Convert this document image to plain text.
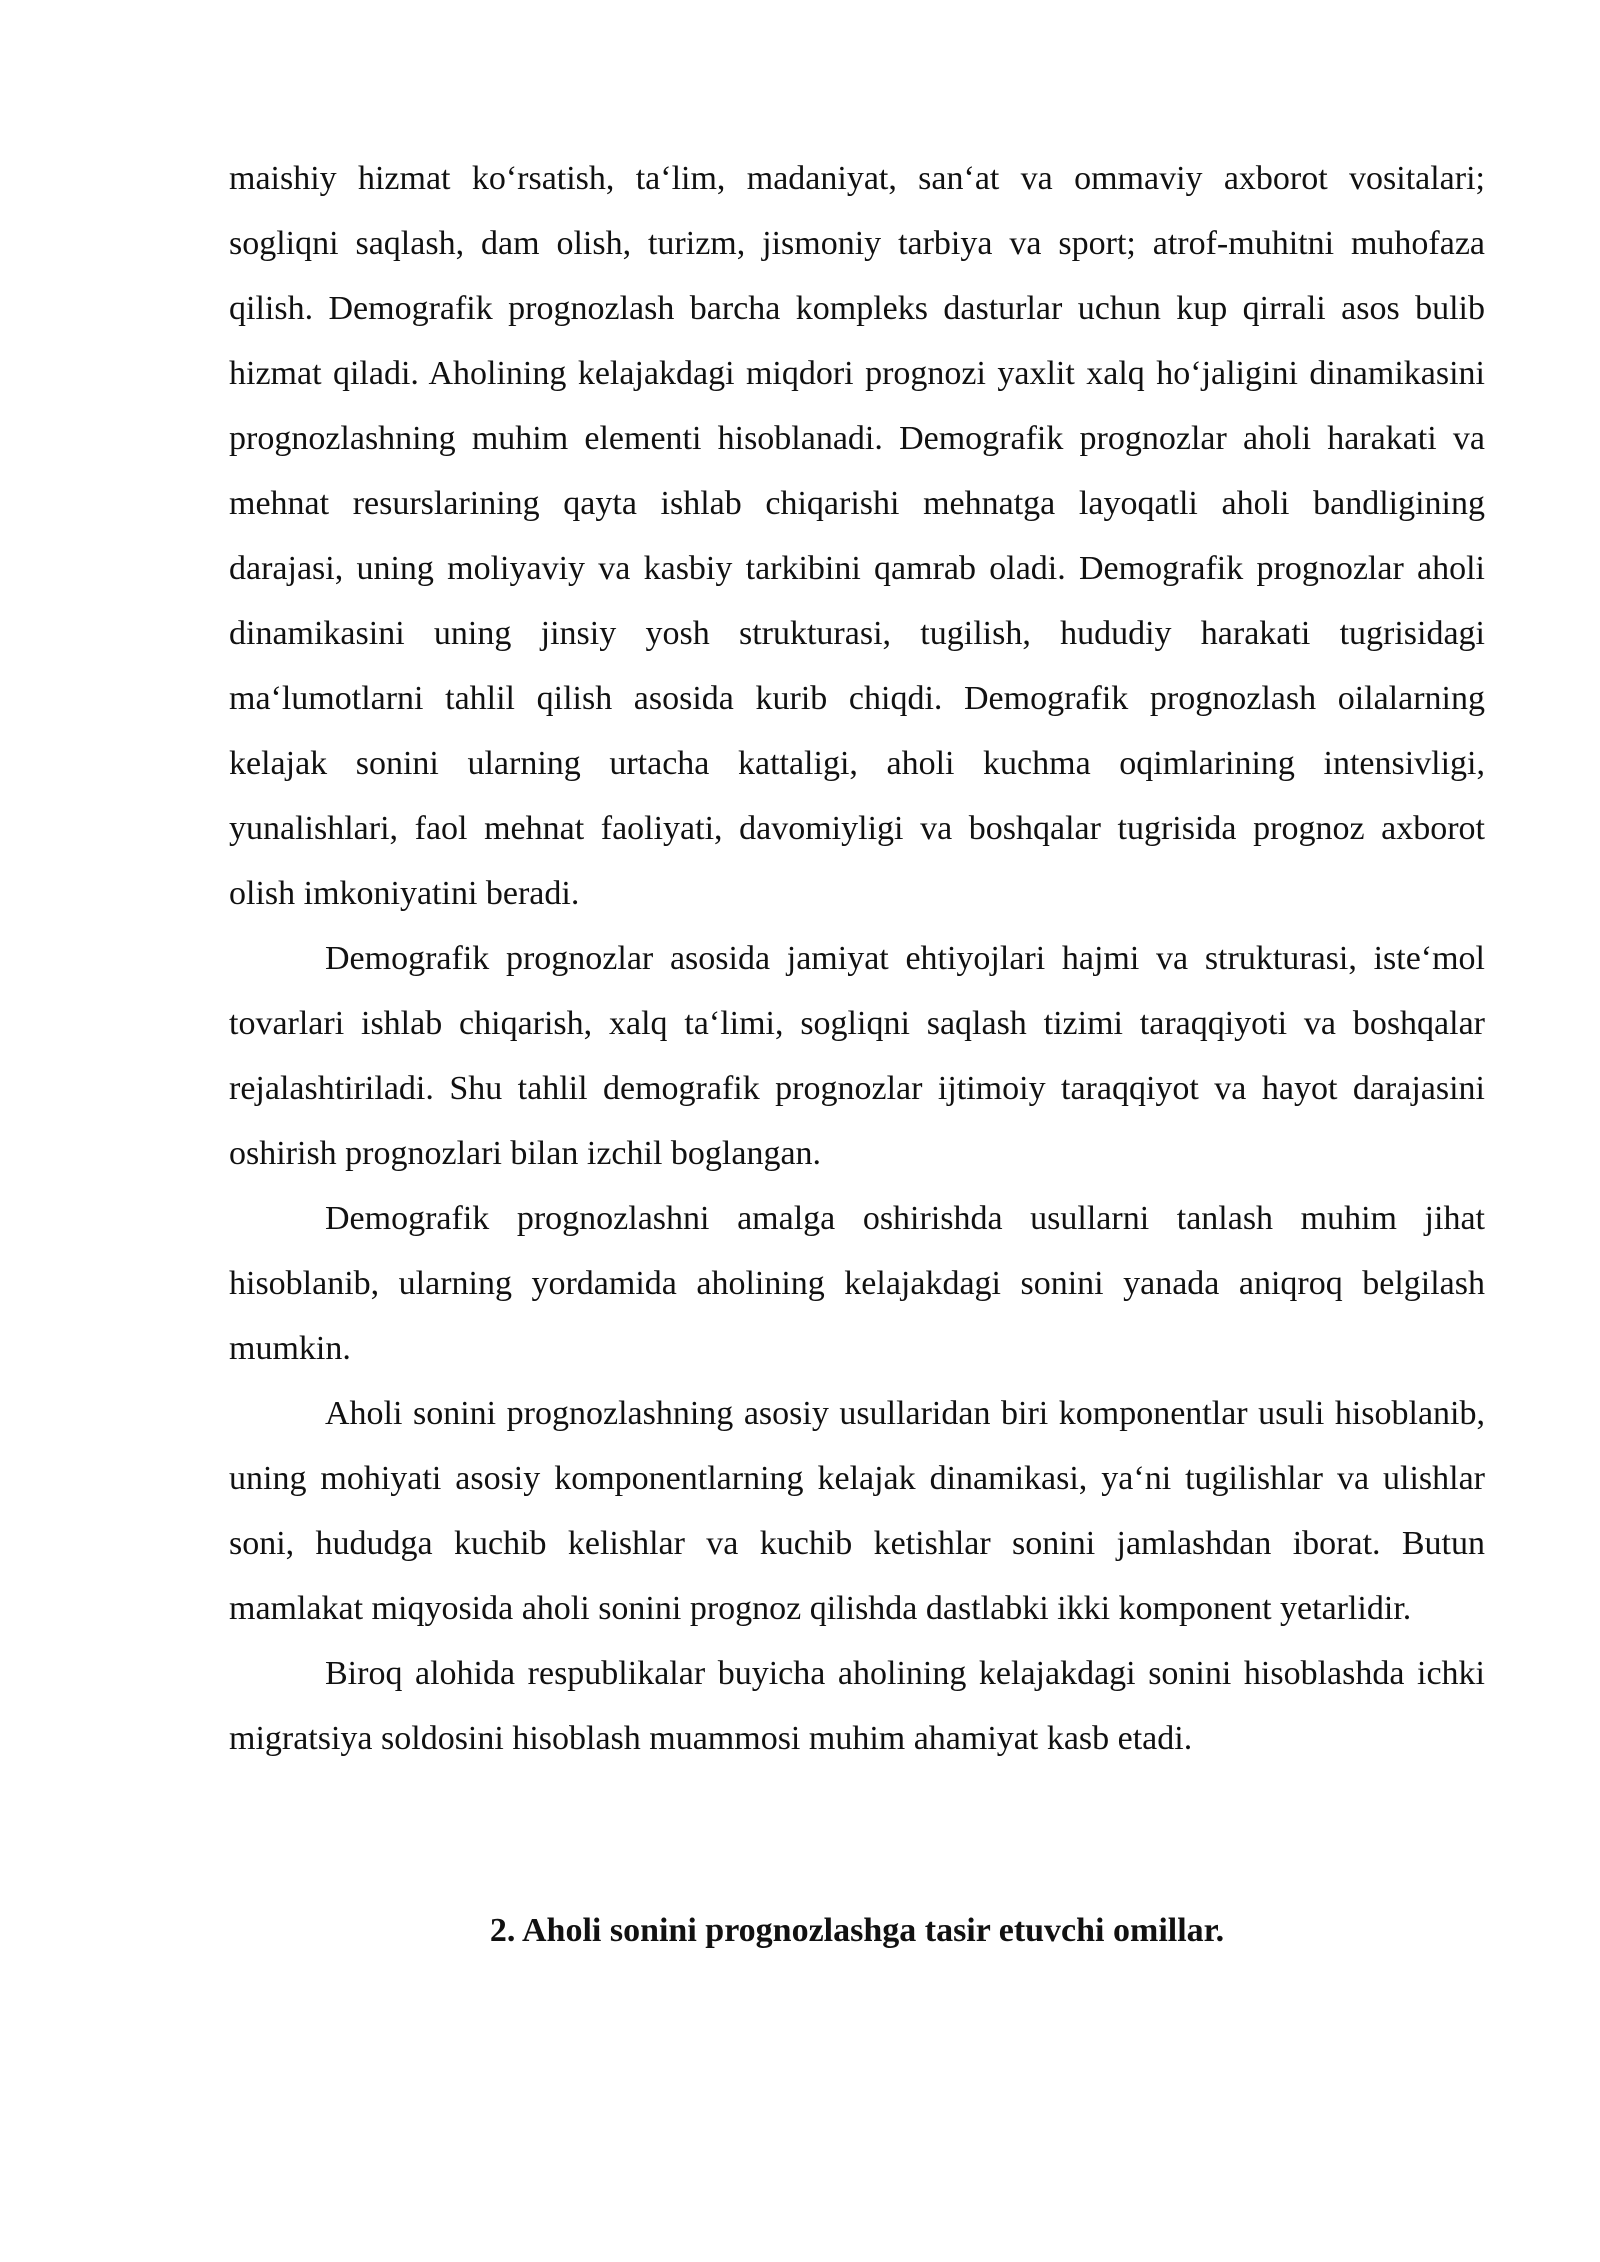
maishiy hizmat ko‘rsatish, ta‘lim, madaniyat, san‘at va ommaviy axborot vositalari; sogliqni saqlash, dam olish, turizm, jismoniy tarbiya va sport; atrof-muhitni muhofaza qilish. Demografik prognozlash barcha kompleks dasturlar uchun kup qirrali asos bulib hizmat qiladi. Aholining kelajakdagi miqdori prognozi yaxlit xalq ho‘jaligini dinamikasini prognozlashning muhim elementi hisoblanadi. Demografik prognozlar aholi harakati va mehnat resurslarining qayta ishlab chiqarishi mehnatga layoqatli aholi bandligining darajasi, uning moliyaviy va kasbiy tarkibini qamrab oladi. Demografik prognozlar aholi dinamikasini uning jinsiy yosh strukturasi, tugilish, hududiy harakati tugrisidagi ma‘lumotlarni tahlil qilish asosida kurib chiqdi. Demografik prognozlash oilalarning kelajak sonini ularning urtacha kattaligi, aholi kuchma oqimlarining intensivligi, yunalishlari, faol mehnat faoliyati, davomiyligi va boshqalar tugrisida prognoz axborot olish imkoniyatini beradi.

Demografik prognozlar asosida jamiyat ehtiyojlari hajmi va strukturasi, iste‘mol tovarlari ishlab chiqarish, xalq ta‘limi, sogliqni saqlash tizimi taraqqiyoti va boshqalar rejalashtiriladi. Shu tahlil demografik prognozlar ijtimoiy taraqqiyot va hayot darajasini oshirish prognozlari bilan izchil boglangan.

Demografik prognozlashni amalga oshirishda usullarni tanlash muhim jihat hisoblanib, ularning yordamida aholining kelajakdagi sonini yanada aniqroq belgilash mumkin.

Aholi sonini prognozlashning asosiy usullaridan biri komponentlar usuli hisoblanib, uning mohiyati asosiy komponentlarning kelajak dinamikasi, ya‘ni tugilishlar va ulishlar soni, hududga kuchib kelishlar va kuchib ketishlar sonini jamlashdan iborat. Butun mamlakat miqyosida aholi sonini prognoz qilishda dastlabki ikki komponent yetarlidir.

Biroq alohida respublikalar buyicha aholining kelajakdagi sonini hisoblashda ichki migratsiya soldosini hisoblash muammosi muhim ahamiyat kasb etadi.

2. Aholi sonini prognozlashga tasir etuvchi omillar.
